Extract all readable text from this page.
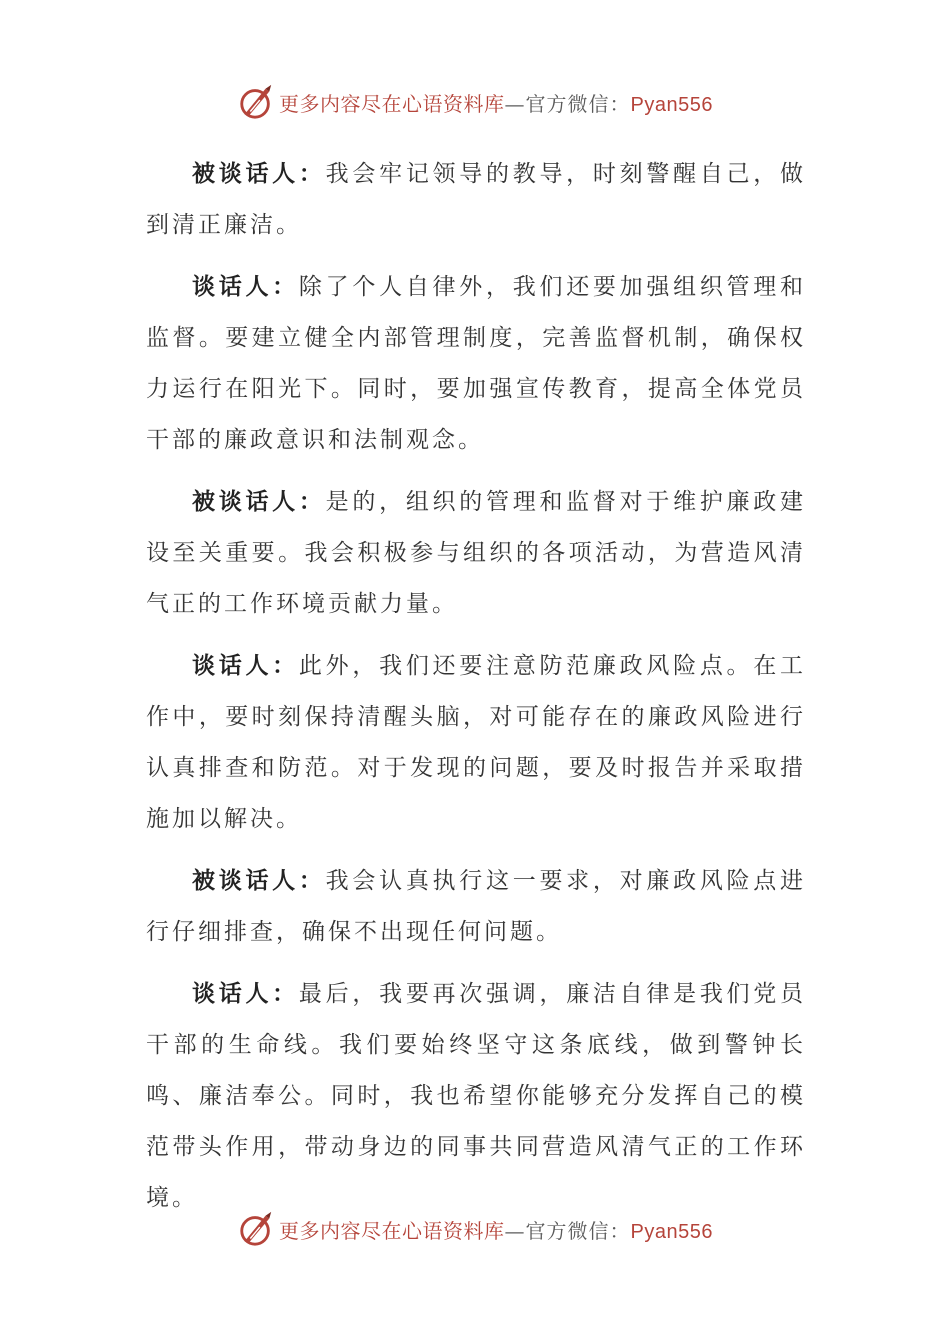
更多内容尽在心语资料库 — 官方微信： Pyan556

被谈话人：我会牢记领导的教导，时刻警醒自己，做到清正廉洁。

谈话人：除了个人自律外，我们还要加强组织管理和监督。要建立健全内部管理制度，完善监督机制，确保权力运行在阳光下。同时，要加强宣传教育，提高全体党员干部的廉政意识和法制观念。

被谈话人：是的，组织的管理和监督对于维护廉政建设至关重要。我会积极参与组织的各项活动，为营造风清气正的工作环境贡献力量。

谈话人：此外，我们还要注意防范廉政风险点。在工作中，要时刻保持清醒头脑，对可能存在的廉政风险进行认真排查和防范。对于发现的问题，要及时报告并采取措施加以解决。

被谈话人：我会认真执行这一要求，对廉政风险点进行仔细排查，确保不出现任何问题。

谈话人：最后，我要再次强调，廉洁自律是我们党员干部的生命线。我们要始终坚守这条底线，做到警钟长鸣、廉洁奉公。同时，我也希望你能够充分发挥自己的模范带头作用，带动身边的同事共同营造风清气正的工作环境。

更多内容尽在心语资料库 — 官方微信： Pyan556
